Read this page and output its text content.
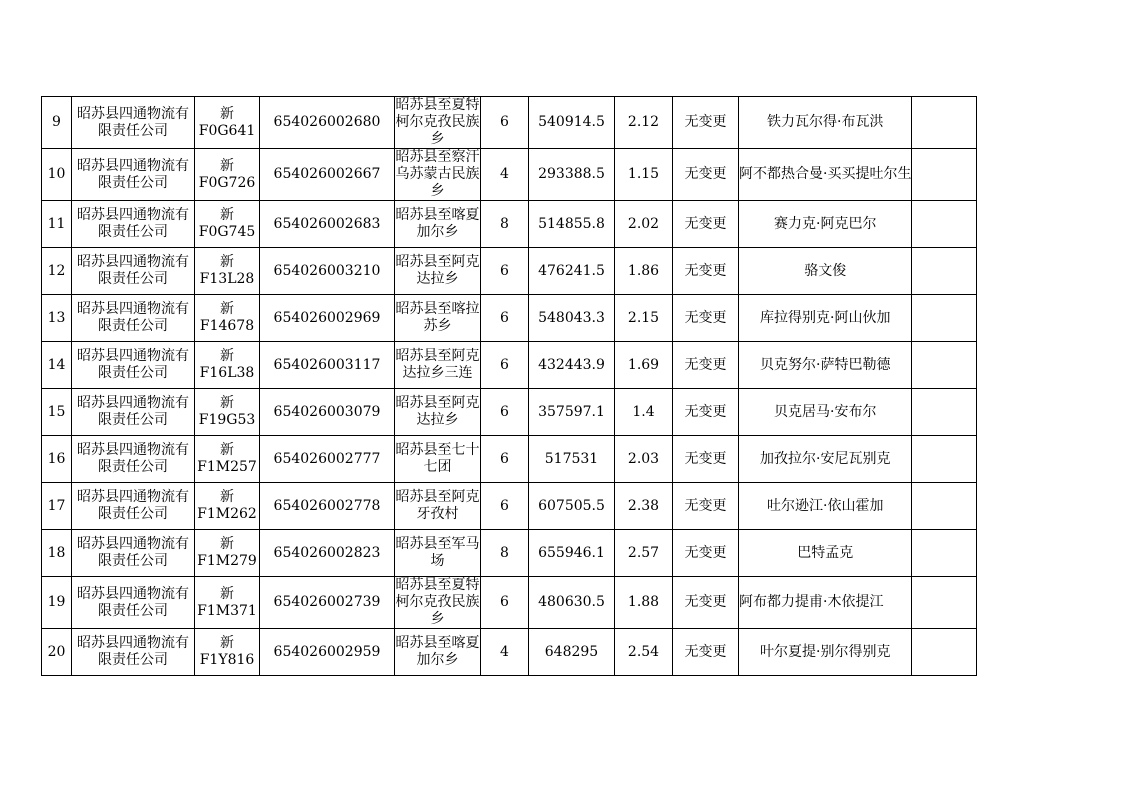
9	昭苏县四通物流有限责任公司	新F0G641	654026002680	昭苏县至夏特柯尔克孜民族乡	6	540914.5	2.12	无变更	铁力瓦尔得·布瓦洪	
10	昭苏县四通物流有限责任公司	新F0G726	654026002667	昭苏县至察汗乌苏蒙古民族乡	4	293388.5	1.15	无变更	阿不都热合曼·买买提吐尔生	
11	昭苏县四通物流有限责任公司	新F0G745	654026002683	昭苏县至喀夏加尔乡	8	514855.8	2.02	无变更	赛力克·阿克巴尔	
12	昭苏县四通物流有限责任公司	新F13L28	654026003210	昭苏县至阿克达拉乡	6	476241.5	1.86	无变更	骆文俊	
13	昭苏县四通物流有限责任公司	新F14678	654026002969	昭苏县至喀拉苏乡	6	548043.3	2.15	无变更	库拉得别克·阿山伙加	
14	昭苏县四通物流有限责任公司	新F16L38	654026003117	昭苏县至阿克达拉乡三连	6	432443.9	1.69	无变更	贝克努尔·萨特巴勒德	
15	昭苏县四通物流有限责任公司	新F19G53	654026003079	昭苏县至阿克达拉乡	6	357597.1	1.4	无变更	贝克居马·安布尔	
16	昭苏县四通物流有限责任公司	新F1M257	654026002777	昭苏县至七十七团	6	517531	2.03	无变更	加孜拉尔·安尼瓦别克	
17	昭苏县四通物流有限责任公司	新F1M262	654026002778	昭苏县至阿克牙孜村	6	607505.5	2.38	无变更	吐尔逊江·依山霍加	
18	昭苏县四通物流有限责任公司	新F1M279	654026002823	昭苏县至军马场	8	655946.1	2.57	无变更	巴特孟克	
19	昭苏县四通物流有限责任公司	新F1M371	654026002739	昭苏县至夏特柯尔克孜民族乡	6	480630.5	1.88	无变更	阿布都力提甫·木依提江	
20	昭苏县四通物流有限责任公司	新F1Y816	654026002959	昭苏县至喀夏加尔乡	4	648295	2.54	无变更	叶尔夏提·别尔得别克	
